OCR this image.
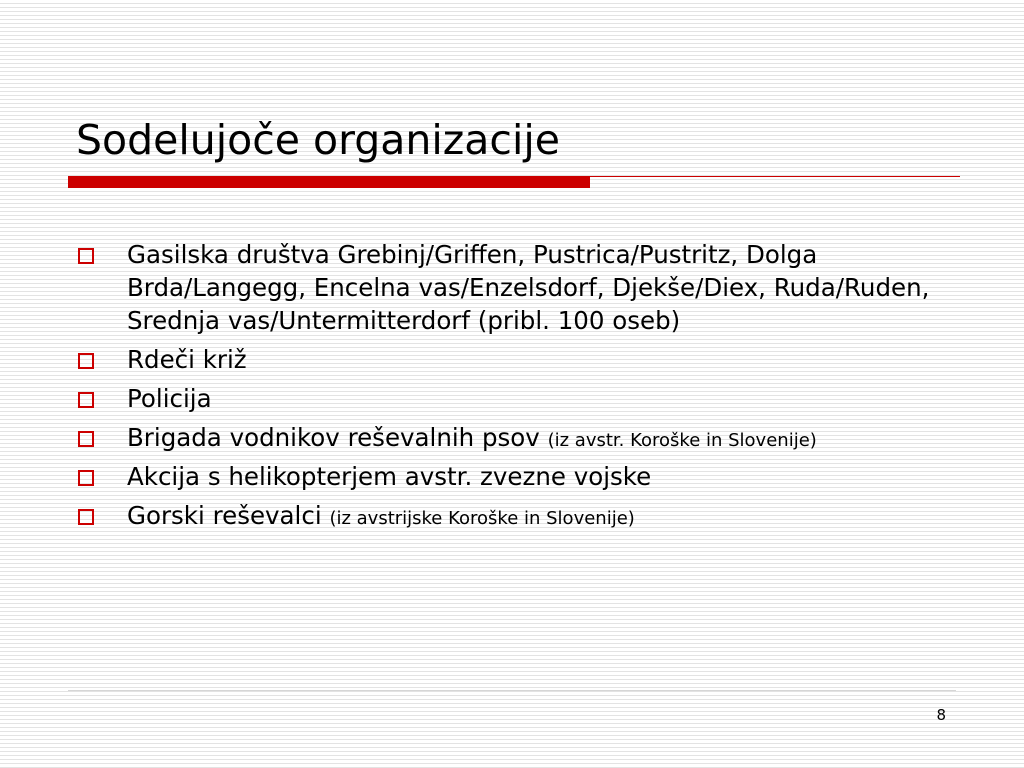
Sodelujoče organizacije
Gasilska društva Grebinj/Griffen, Pustrica/Pustritz, Dolga Brda/Langegg, Encelna vas/Enzelsdorf, Djekše/Diex, Ruda/Ruden, Srednja vas/Untermitterdorf (pribl. 100 oseb)
Rdeči križ
Policija
Brigada vodnikov reševalnih psov (iz avstr. Koroške in Slovenije)
Akcija s helikopterjem avstr. zvezne vojske
Gorski reševalci (iz avstrijske Koroške in Slovenije)
8
